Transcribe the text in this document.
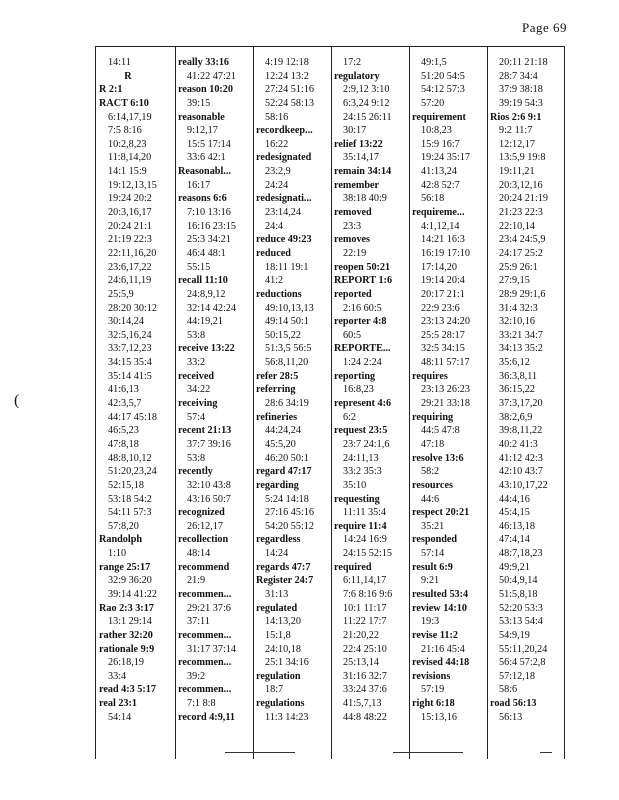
Page 69
14:11
R
R 2:1
RACT 6:10
6:14,17,19
7:5 8:16
10:2,8,23
11:8,14,20
14:1 15:9
19:12,13,15
19:24 20:2
20:3,16,17
20:24 21:1
21:19 22:3
22:11,16,20
23:6,17,22
24:6,11,19
25:5,9
28:20 30:12
30:14,24
32:5,16,24
33:7,12,23
34:15 35:4
35:14 41:5
41:6,13
42:3,5,7
44:17 45:18
46:5,23
47:8,18
48:8,10,12
51:20,23,24
52:15,18
53:18 54:2
54:11 57:3
57:8,20
Randolph
1:10
range 25:17
32:9 36:20
39:14 41:22
Rao 2:3 3:17
13:1 29:14
rather 32:20
rationale 9:9
26:18,19
33:4
read 4:3 5:17
real 23:1
54:14
really 33:16
41:22 47:21
reason 10:20
39:15
reasonable
9:12,17
15:5 17:14
33:6 42:1
Reasonabl...
16:17
reasons 6:6
7:10 13:16
16:16 23:15
25:3 34:21
46:4 48:1
55:15
recall 11:10
24:8,9,12
32:14 42:24
44:19,21
53:8
receive 13:22
33:2
received
34:22
receiving
57:4
recent 21:13
37:7 39:16
53:8
recently
32:10 43:8
43:16 50:7
recognized
26:12,17
recollection
48:14
recommend
21:9
recommen...
29:21 37:6
37:11
recommen...
31:17 37:14
recommen...
39:2
recommen...
7:1 8:8
record 4:9,11
4:19 12:18
12:24 13:2
27:24 51:16
52:24 58:13
58:16
recordkeep...
16:22
redesignated
23:2,9
24:24
redesignati...
23:14,24
24:4
reduce 49:23
reduced
18:11 19:1
41:2
reductions
49:10,13,13
49:14 50:1
50:15,22
51:3,5 56:5
56:8,11,20
refer 28:5
referring
28:6 34:19
refineries
44:24,24
45:5,20
46:20 50:1
regard 47:17
regarding
5:24 14:18
27:16 45:16
54:20 55:12
regardless
14:24
regards 47:7
Register 24:7
31:13
regulated
14:13,20
15:1,8
24:10,18
25:1 34:16
regulation
18:7
regulations
11:3 14:23
17:2
regulatory
2:9,12 3:10
6:3,24 9:12
24:15 26:11
30:17
relief 13:22
35:14,17
remain 34:14
remember
38:18 40:9
removed
23:3
removes
22:19
reopen 50:21
REPORT 1:6
reported
2:16 60:5
reporter 4:8
60:5
REPORTE...
1:24 2:24
reporting
16:8,23
represent 4:6
6:2
request 23:5
23:7 24:1,6
24:11,13
33:2 35:3
35:10
requesting
11:11 35:4
require 11:4
14:24 16:9
24:15 52:15
required
6:11,14,17
7:6 8:16 9:6
10:1 11:17
11:22 17:7
21:20,22
22:4 25:10
25:13,14
31:16 32:7
33:24 37:6
41:5,7,13
44:8 48:22
49:1,5
51:20 54:5
54:12 57:3
57:20
requirement
10:8,23
15:9 16:7
19:24 35:17
41:13,24
42:8 52:7
56:18
requireme...
4:1,12,14
14:21 16:3
16:19 17:10
17:14,20
19:14 20:4
20:17 21:1
22:9 23:6
23:13 24:20
25:5 28:17
32:5 34:15
48:11 57:17
requires
23:13 26:23
29:21 33:18
requiring
44:5 47:8
47:18
resolve 13:6
58:2
resources
44:6
respect 20:21
35:21
responded
57:14
result 6:9
9:21
resulted 53:4
review 14:10
19:3
revise 11:2
21:16 45:4
revised 44:18
revisions
57:19
right 6:18
15:13,16
20:11 21:18
28:7 34:4
37:9 38:18
39:19 54:3
Rios 2:6 9:1
9:2 11:7
12:12,17
13:5,9 19:8
19:11,21
20:3,12,16
20:24 21:19
21:23 22:3
22:10,14
23:4 24:5,9
24:17 25:2
25:9 26:1
27:9,15
28:9 29:1,6
31:4 32:3
32:10,16
33:21 34:7
34:13 35:2
35:6,12
36:3,8,11
36:15,22
37:3,17,20
38:2,6,9
39:8,11,22
40:2 41:3
41:12 42:3
42:10 43:7
43:10,17,22
44:4,16
45:4,15
46:13,18
47:4,14
48:7,18,23
49:9,21
50:4,9,14
51:5,8,18
52:20 53:3
53:13 54:4
54:9,19
55:11,20,24
56:4 57:2,8
57:12,18
58:6
road 56:13
56:13
(
